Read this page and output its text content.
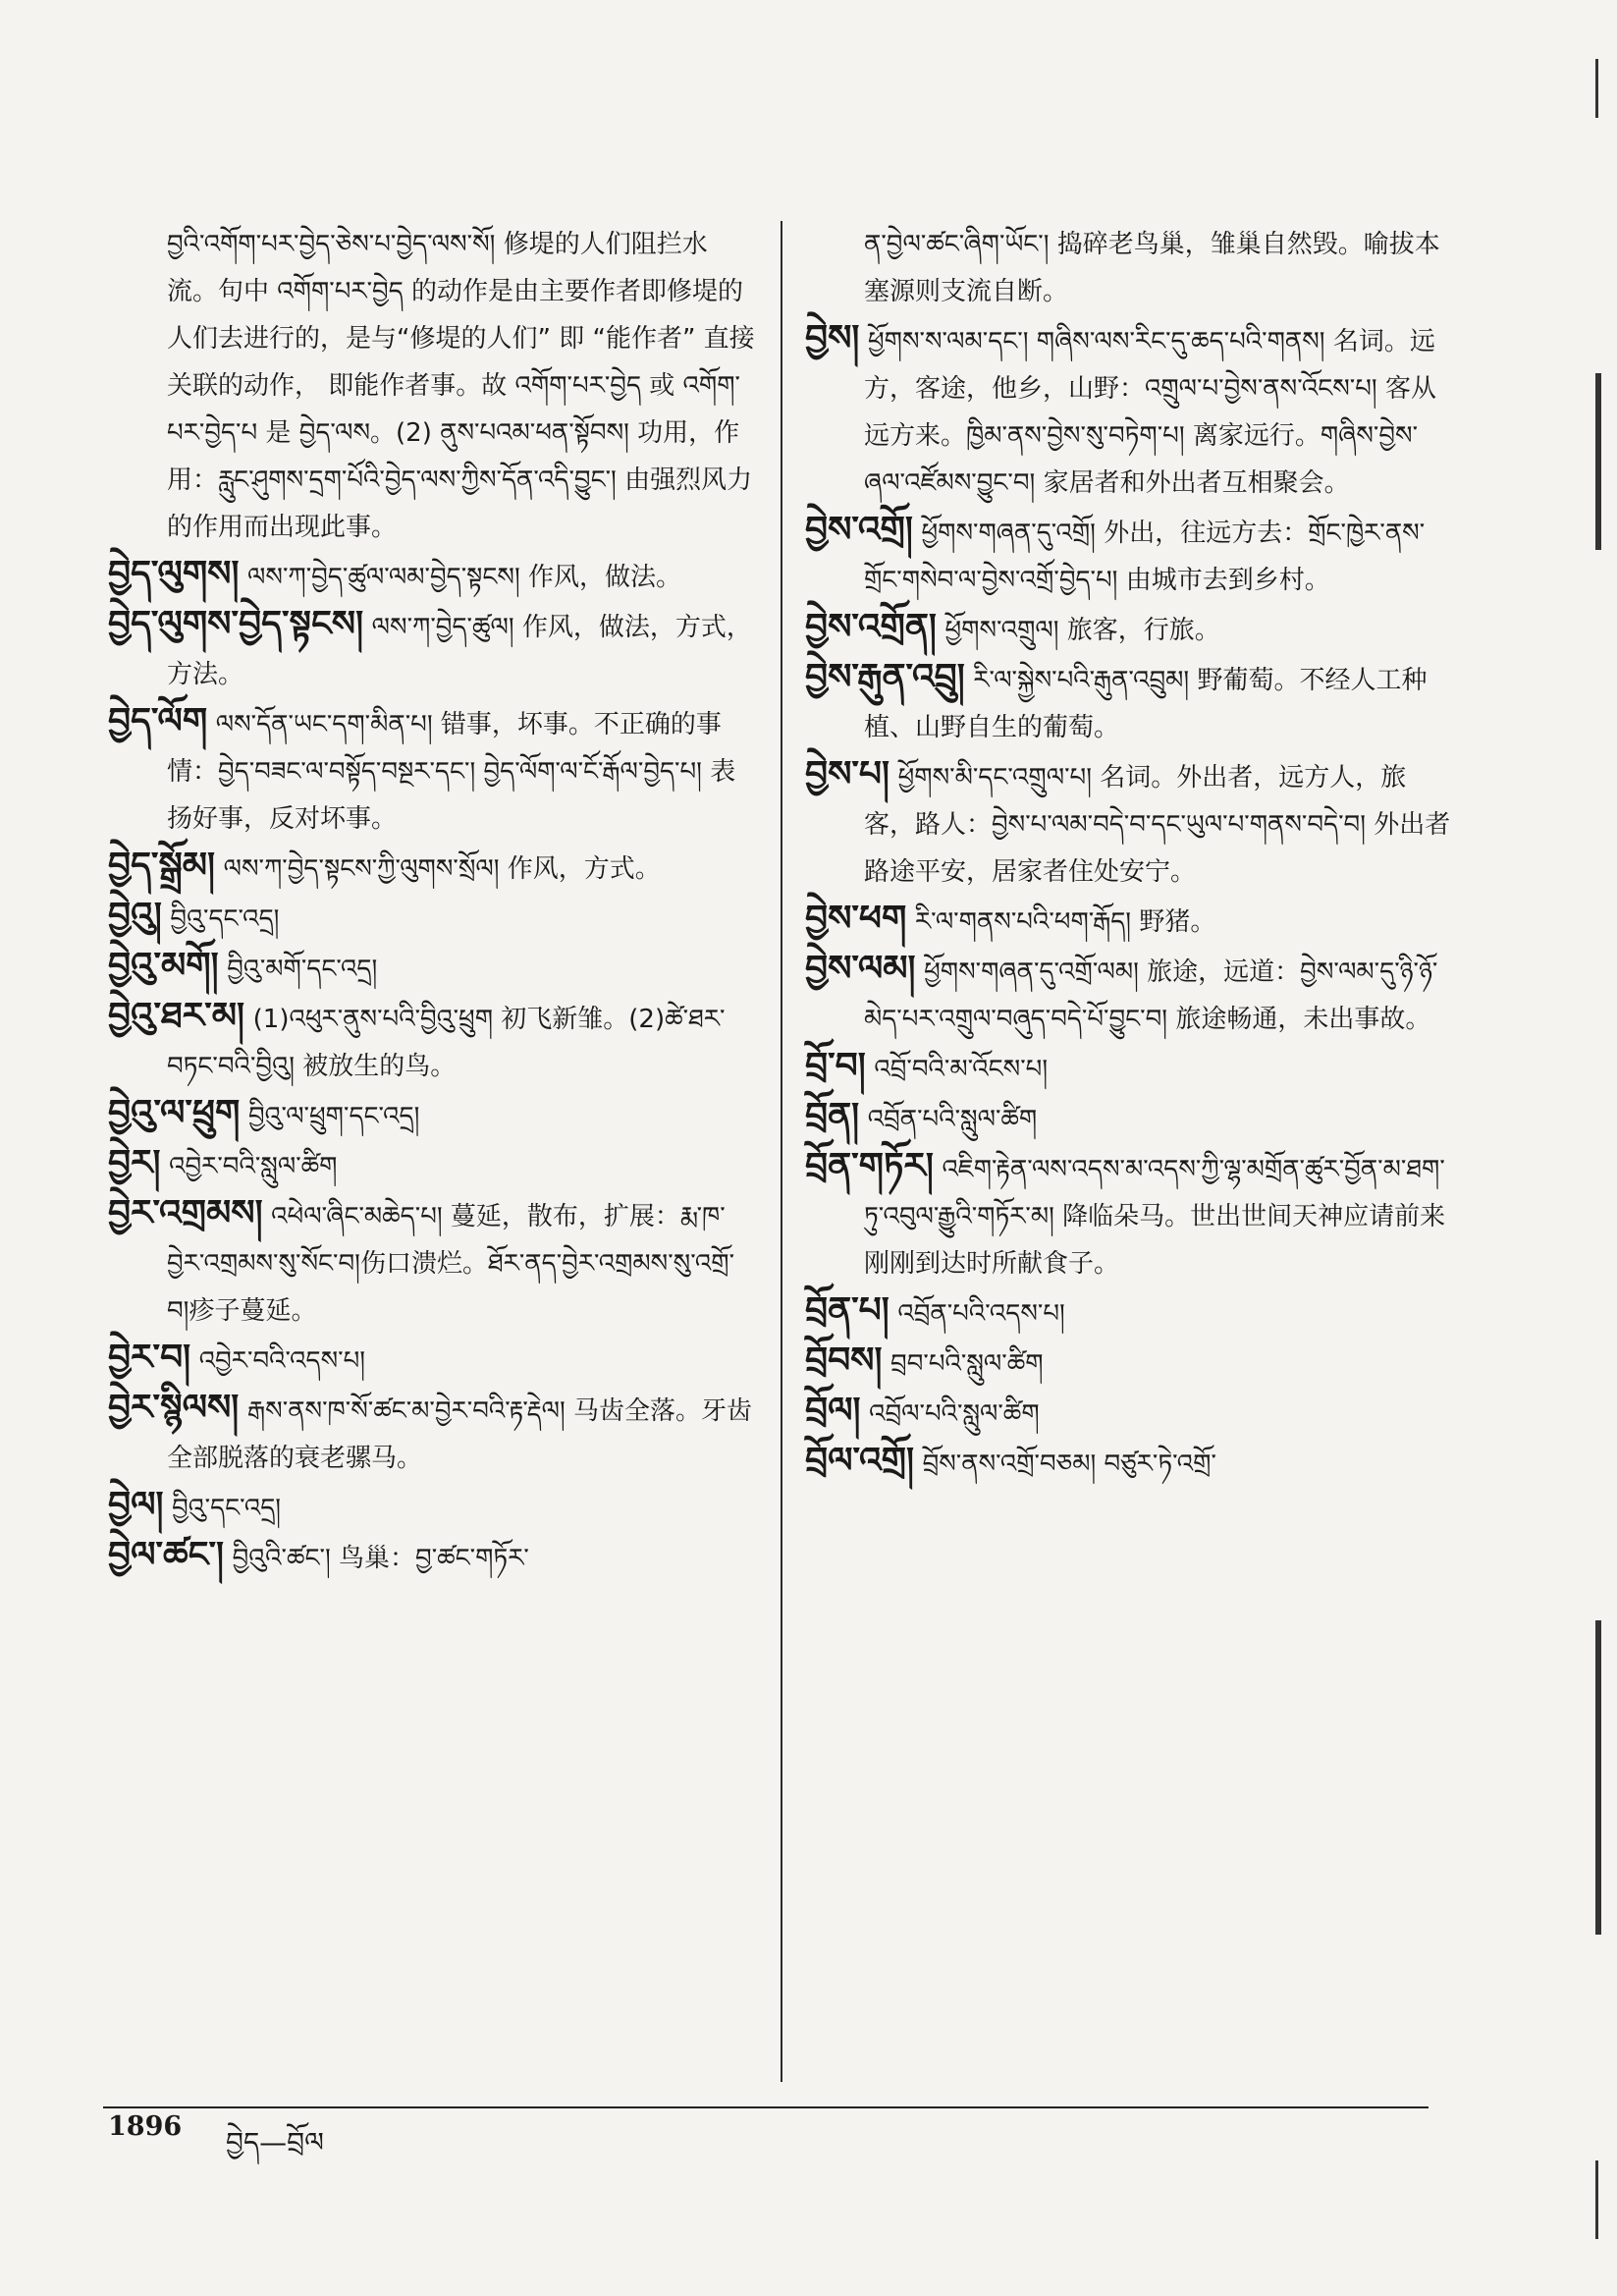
བྱའི་འགོག་པར་བྱེད་ཅེས་པ་བྱེད་ལས་སོ། 修堤的人们阻拦水流。句中 འགོག་པར་བྱེད 的动作是由主要作者即修堤的人们去进行的，是与“修堤的人们” 即 “能作者” 直接关联的动作， 即能作者事。故 འགོག་པར་བྱེད 或 འགོག་པར་བྱེད་པ 是 བྱེད་ལས。(2) ནུས་པའམ་ཕན་སྟོབས། 功用，作用：རླུང་ཤུགས་དྲག་པོའི་བྱེད་ལས་ཀྱིས་དོན་འདི་བྱུང་། 由强烈风力的作用而出现此事。
བྱེད་ལུགས། ལས་ཀ་བྱེད་ཚུལ་ལམ་བྱེད་སྟངས། 作风，做法。
བྱེད་ལུགས་བྱེད་སྟངས། ལས་ཀ་བྱེད་ཚུལ། 作风，做法，方式，方法。
བྱེད་ལོག ལས་དོན་ཡང་དག་མིན་པ། 错事，坏事。不正确的事情：བྱེད་བཟང་ལ་བསྟོད་བསྔར་དང་། བྱེད་ལོག་ལ་ངོ་རྒོལ་བྱེད་པ། 表扬好事，反对坏事。
བྱེད་སྒྲོམ། ལས་ཀ་བྱེད་སྟངས་ཀྱི་ལུགས་སྲོལ། 作风，方式。
བྱེའུ། བྱིའུ་དང་འདྲ།
བྱེའུ་མགོ། བྱིའུ་མགོ་དང་འདྲ།
བྱེའུ་ཐར་མ། (1)འཕུར་ནུས་པའི་བྱིའུ་ཕྲུག 初飞新雏。(2)ཚེ་ཐར་བཏང་བའི་བྱིའུ། 被放生的鸟。
བྱེའུ་ལ་ཕྲུག བྱིའུ་ལ་ཕྲུག་དང་འདྲ།
བྱེར། འབྱེར་བའི་སླུལ་ཚིག
བྱེར་འགྲམས། འཕེལ་ཞིང་མཆེད་པ། 蔓延，散布，扩展：རྨ་ཁ་བྱེར་འགྲམས་སུ་སོང་བ།伤口溃烂。ཐོར་ནད་བྱེར་འགྲམས་སུ་འགྲོ་བ།疹子蔓延。
བྱེར་བ། འབྱེར་བའི་འདས་པ།
བྱེར་སྙིལས། རྒས་ནས་ཁ་སོ་ཚང་མ་བྱེར་བའི་རྟ་རྡེལ། 马齿全落。牙齿全部脱落的衰老骡马。
བྱེལ། བྱིའུ་དང་འདྲ།
བྱེལ་ཚང་། བྱིའུའི་ཚང་། 鸟巢：བྱ་ཚང་གཏོར་
ན་བྱེལ་ཚང་ཞིག་ཡོང་། 捣碎老鸟巢，雏巢自然毁。喻拔本塞源则支流自断。
བྱེས། ཕྱོགས་ས་ལམ་དང་། གཞིས་ལས་རིང་དུ་ཆད་པའི་གནས། 名词。远方，客途，他乡，山野：འགྲུལ་པ་བྱེས་ནས་འོངས་པ། 客从远方来。ཁྱིམ་ནས་བྱེས་སུ་བཏེག་པ། 离家远行。གཞིས་བྱེས་ཞལ་འཛོམས་བྱུང་བ། 家居者和外出者互相聚会。
བྱེས་འགྲོ། ཕྱོགས་གཞན་དུ་འགྲོ། 外出，往远方去：གྲོང་ཁྱེར་ནས་གྲོང་གསེབ་ལ་བྱེས་འགྲོ་བྱེད་པ། 由城市去到乡村。
བྱེས་འགྲོན། ཕྱོགས་འགྲུལ། 旅客，行旅。
བྱེས་རྒུན་འབྲུ། རི་ལ་སྐྱེས་པའི་རྒུན་འབྲུམ། 野葡萄。不经人工种植、山野自生的葡萄。
བྱེས་པ། ཕྱོགས་མི་དང་འགྲུལ་པ། 名词。外出者，远方人，旅客，路人：བྱེས་པ་ལམ་བདེ་བ་དང་ཡུལ་པ་གནས་བདེ་བ། 外出者路途平安，居家者住处安宁。
བྱེས་ཕག རི་ལ་གནས་པའི་ཕག་རྒོད། 野猪。
བྱེས་ལམ། ཕྱོགས་གཞན་དུ་འགྲོ་ལམ། 旅途，远道：བྱེས་ལམ་དུ་ཉི་ཉོ་མེད་པར་འགྲུལ་བཞུད་བདེ་པོ་བྱུང་བ། 旅途畅通，未出事故。
བྲོ་བ། འབྲོ་བའི་མ་འོངས་པ།
བྲོན། འབྲོན་པའི་སླུལ་ཚིག
བྲོན་གཏོར། འཇིག་རྟེན་ལས་འདས་མ་འདས་ཀྱི་ལྷ་མགྲོན་ཚུར་བྱོན་མ་ཐག་ཏུ་འབུལ་རྒྱུའི་གཏོར་མ། 降临朵马。世出世间天神应请前来刚刚到达时所献食子。
བྲོན་པ། འབྲོན་པའི་འདས་པ།
བྲོབས། བྲབ་པའི་སླུལ་ཚིག
བྲོལ། འབྲོལ་པའི་སླུལ་ཚིག
བྲོལ་འགྲོ། བྲོས་ནས་འགྲོ་བཅམ། བཙུར་ཏེ་འགྲོ་
1896 བྱེད—བྲོལ
